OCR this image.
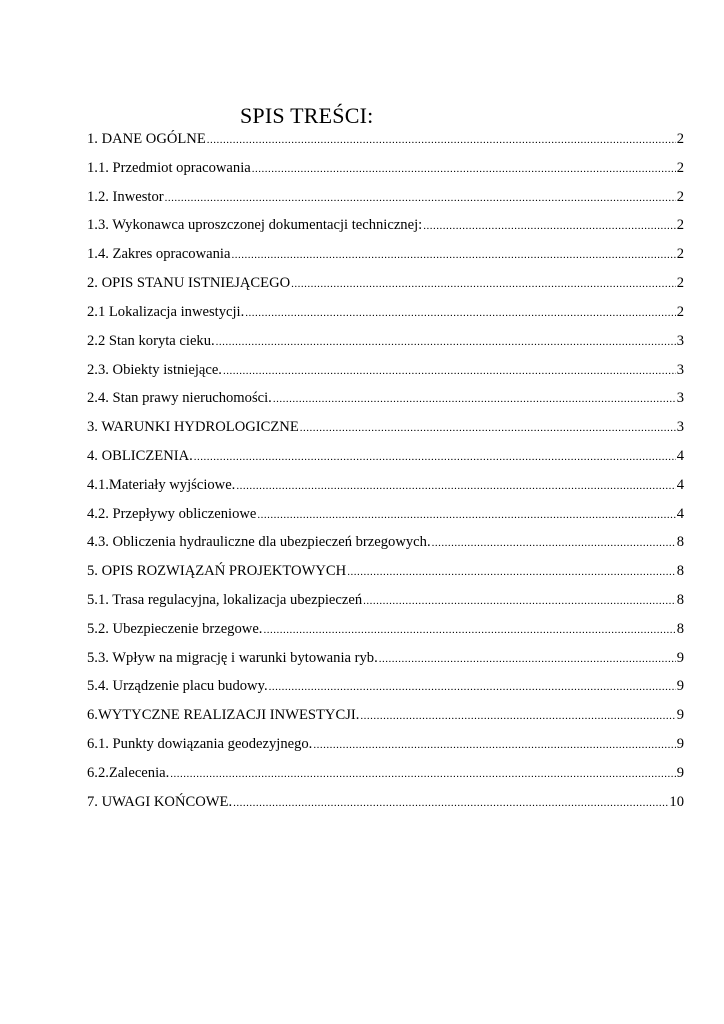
SPIS TREŚCI:
1. DANE OGÓLNE .....	2
1.1. Przedmiot opracowania .....	2
1.2. Inwestor .....	2
1.3. Wykonawca uproszczonej dokumentacji technicznej: .....	2
1.4. Zakres opracowania .....	2
2. OPIS STANU ISTNIEJĄCEGO .....	2
2.1 Lokalizacja inwestycji. .....	2
2.2 Stan koryta cieku. .....	3
2.3. Obiekty istniejące. .....	3
2.4. Stan prawy nieruchomości. .....	3
3. WARUNKI HYDROLOGICZNE .....	3
4. OBLICZENIA. .....	4
4.1.Materiały wyjściowe. .....	4
4.2. Przepływy obliczeniowe .....	4
4.3. Obliczenia hydrauliczne dla ubezpieczeń brzegowych. .....	8
5. OPIS ROZWIĄZAŃ PROJEKTOWYCH .....	8
5.1. Trasa regulacyjna, lokalizacja ubezpieczeń .....	8
5.2. Ubezpieczenie brzegowe. .....	8
5.3. Wpływ na migrację i warunki bytowania ryb. .....	9
5.4. Urządzenie placu budowy. .....	9
6.WYTYCZNE REALIZACJI INWESTYCJI. .....	9
6.1. Punkty dowiązania geodezyjnego. .....	9
6.2.Zalecenia. .....	9
7. UWAGI KOŃCOWE. .....	10
